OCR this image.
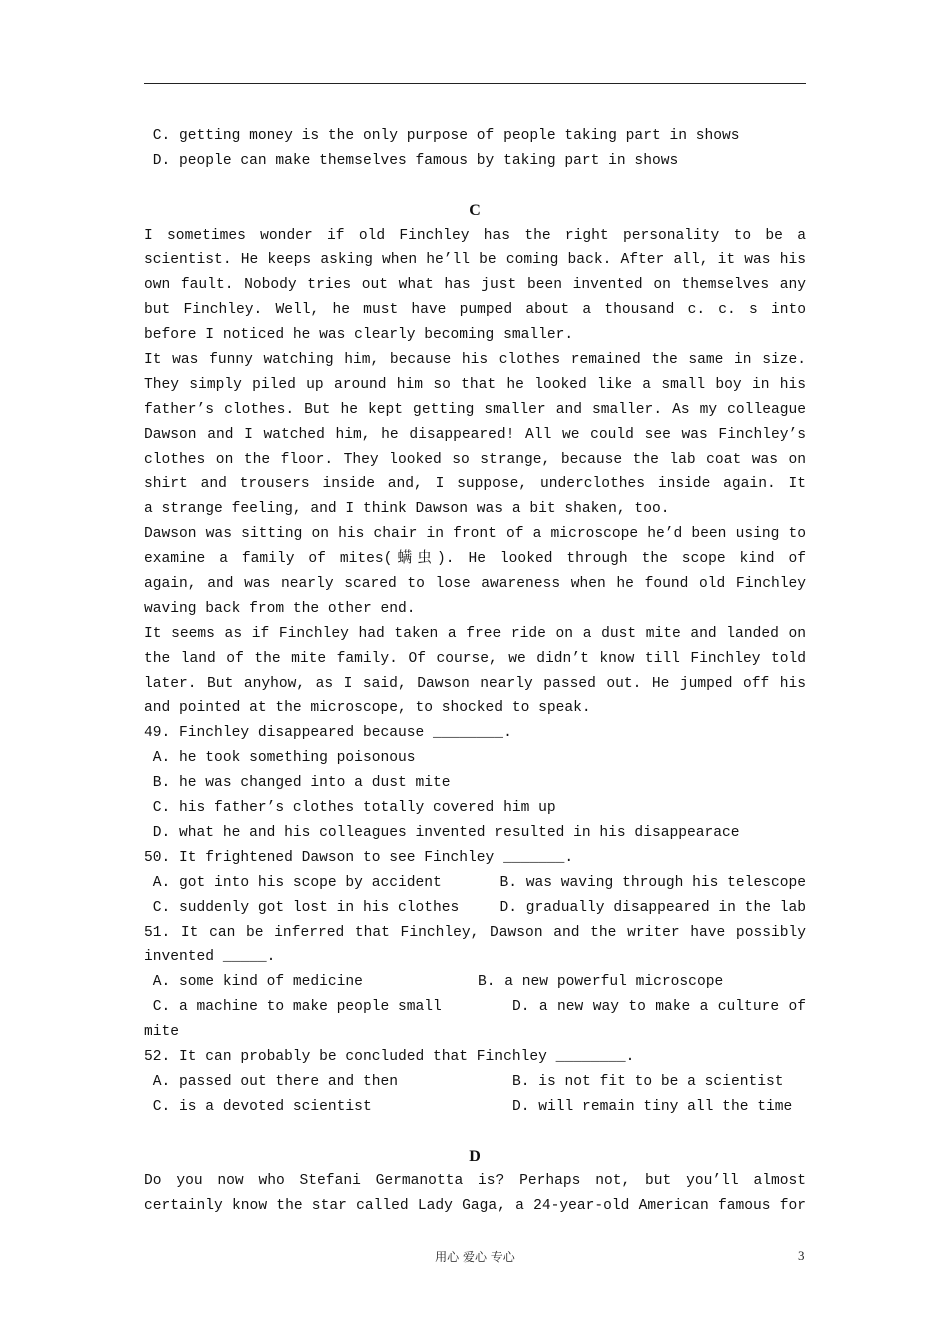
C. getting money is the only purpose of people taking part in shows
D. people can make themselves famous by taking part in shows
C
I sometimes wonder if old Finchley has the right personality to be a
scientist. He keeps asking when he’ll be coming back. After all, it was his
own fault. Nobody tries out what has just been invented on themselves any
but Finchley. Well, he must have pumped about a thousand c. c. s into
before I noticed he was clearly becoming smaller.
It was funny watching him, because his clothes remained the same in size.
They simply piled up around him so that he looked like a small boy in his
father’s clothes. But he kept getting smaller and smaller. As my colleague
Dawson and I watched him, he disappeared! All we could see was Finchley’s
clothes on the floor. They looked so strange, because the lab coat was on
shirt and trousers inside and, I suppose, underclothes inside again. It
a strange feeling, and I think Dawson was a bit shaken, too.
Dawson was sitting on his chair in front of a microscope he’d been using to
examine a family of mites(螨虫). He looked through the scope kind of
again, and was nearly scared to lose awareness when he found old Finchley
waving back from the other end.
It seems as if Finchley had taken a free ride on a dust mite and landed on
the land of the mite family. Of course, we didn’t know till Finchley told
later. But anyhow, as I said, Dawson nearly passed out. He jumped off his
and pointed at the microscope, to shocked to speak.
49. Finchley disappeared because ________.
A. he took something poisonous
B. he was changed into a dust mite
C. his father’s clothes totally covered him up
D. what he and his colleagues invented resulted in his disappearace
50. It frightened Dawson to see Finchley _______.
A. got into his scope by accident	B. was waving through his telescope
C. suddenly got lost in his clothes	D. gradually disappeared in the lab
51. It can be inferred that Finchley, Dawson and the writer have possibly
invented _____.
A. some kind of medicine	B. a new powerful microscope
C. a machine to make people small	D. a new way to make a culture of
mite
52. It can probably be concluded that Finchley ________.
A. passed out there and then	B. is not fit to be a scientist
C. is a devoted scientist	D. will remain tiny all the time
D
Do you now who Stefani Germanotta is? Perhaps not, but you’ll almost
certainly know the star called Lady Gaga, a 24-year-old American famous for
用心 爱心 专心	3
